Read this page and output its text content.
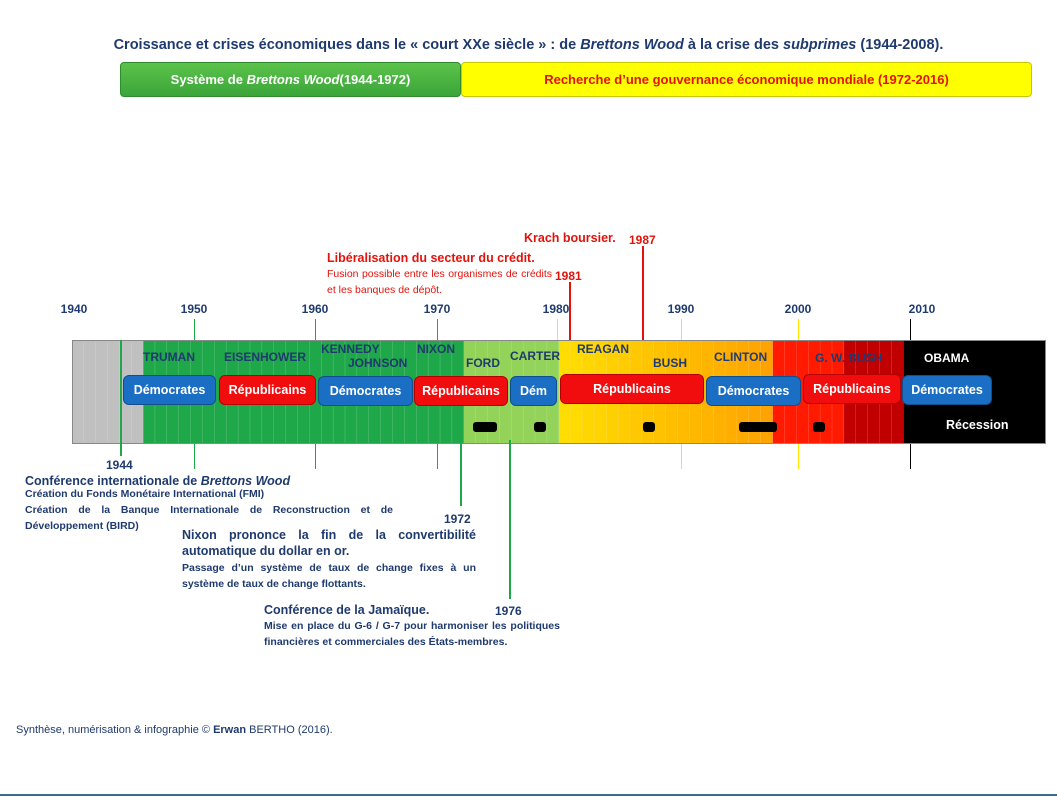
Croissance et crises économiques dans le « court XXe siècle » : de Brettons Wood à la crise des subprimes (1944-2008).
Système de
Brettons Wood (1944-1972)	Recherche d’une gouvernance économique mondiale (1972-2016)
1940	1950	1960	1970	1980	1990	2000	2010
TRUMAN EISENHOWER
KENNEDY
JOHNSON
NIXON
FORD CARTER REAGAN
BUSH CLINTON	G. W. BUSH	OBAMA
Démocrates	Républicains	Démocrates	Républicains	Dém	Républicains	Démocrates	Républicains	Démocrates
Récession
1944
Conférence internationale de Brettons Wood
Création du Fonds Monétaire International (FMI)
Création de la Banque Internationale de Reconstruction et de Développement (BIRD)	1972
Nixon prononce la fin de la convertibilité automatique du dollar en or.
Passage d’un système de taux de change fixes à un système de taux de change flottants.
1976
Conférence de la Jamaïque.
Mise en place du G-6 / G-7 pour harmoniser les politiques financières et commerciales des États-membres.
Libéralisation du secteur du crédit.
Fusion possible entre les organismes de crédits et les banques de dépôt.
1981
Krach boursier. 1987
Synthèse, numérisation & infographie © Erwan BERTHO (2016).
